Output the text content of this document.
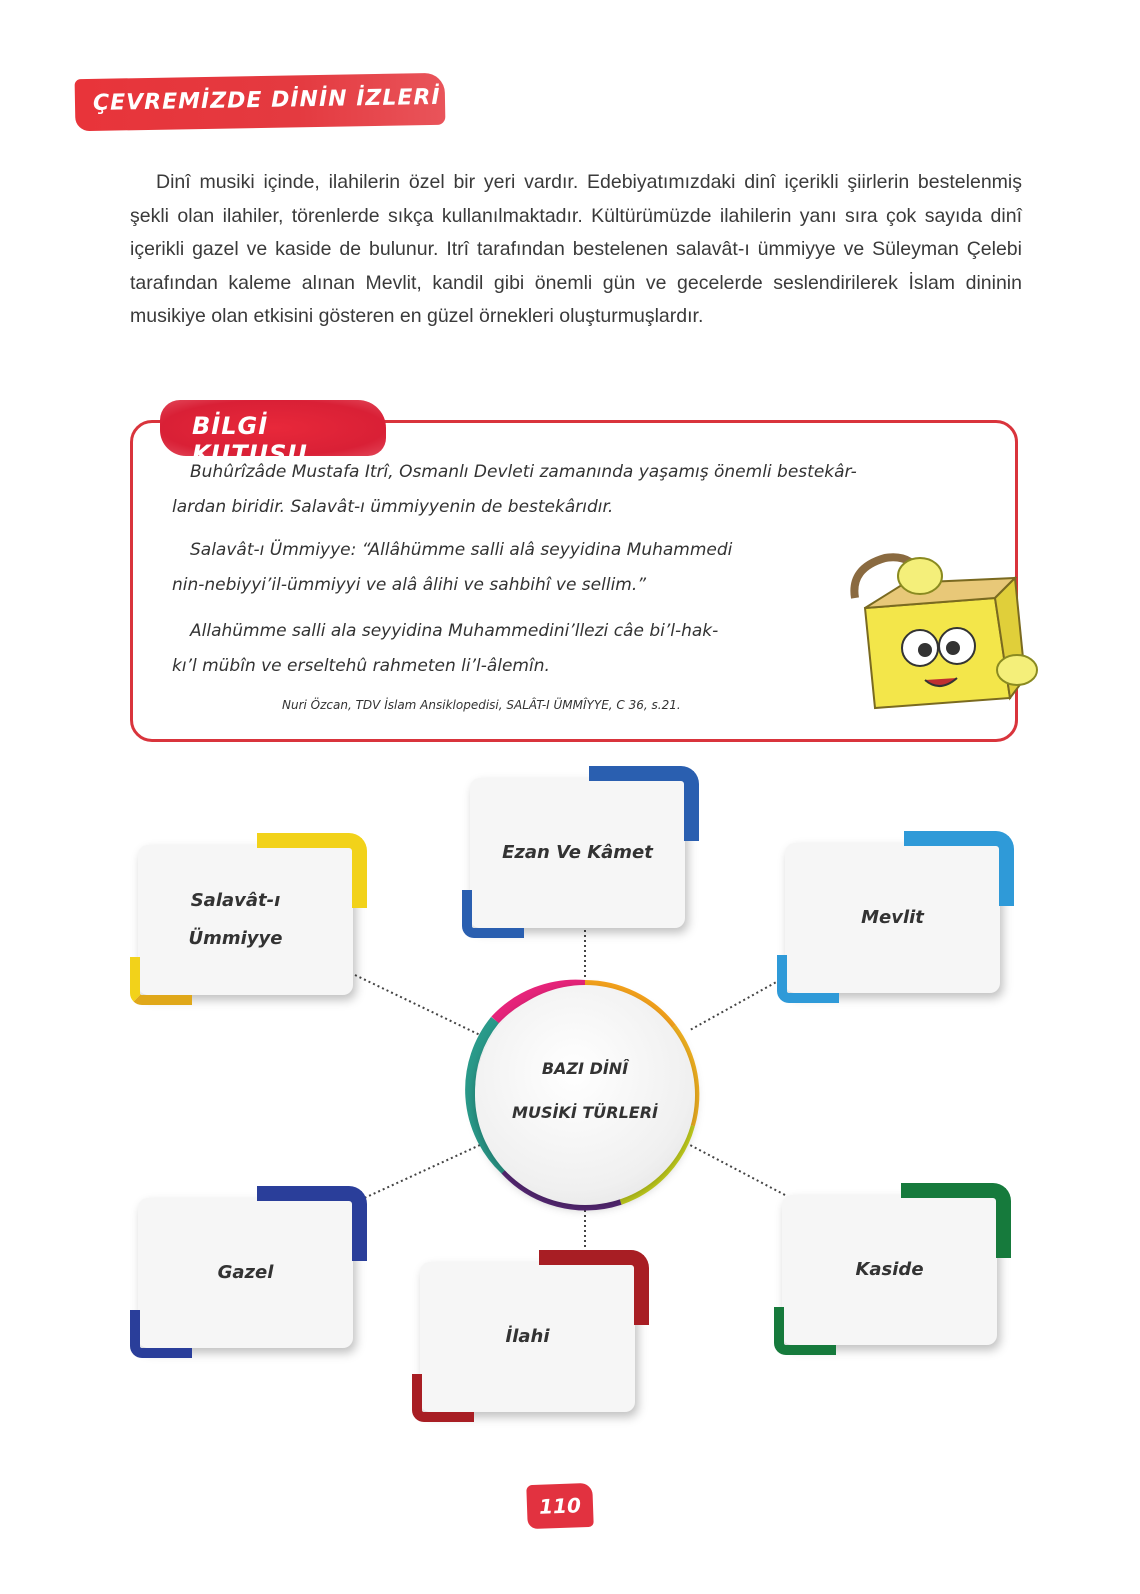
ÇEVREMİZDE DİNİN İZLERİ
Dinî musiki içinde, ilahilerin özel bir yeri vardır. Edebiyatımızdaki dinî içerikli şiirlerin bestelenmiş şekli olan ilahiler, törenlerde sıkça kullanılmaktadır. Kültürümüzde ilahilerin yanı sıra çok sayıda dinî içerikli gazel ve kaside de bulunur. Itrî tarafından bestelenen salavât-ı ümmiyye ve Süleyman Çelebi tarafından kaleme alınan Mevlit, kandil gibi önemli gün ve gecelerde seslendirilerek İslam dininin musikiye olan etkisini gösteren en güzel örnekleri oluşturmuşlardır.
BİLGİ KUTUSU
Buhûrîzâde Mustafa Itrî, Osmanlı Devleti zamanında yaşamış önemli bestekâr-
lardan biridir. Salavât-ı ümmiyyenin de bestekârıdır.
Salavât-ı Ümmiyye: “Allâhümme salli alâ seyyidina Muhammedi
nin-nebiyyi’il-ümmiyyi ve alâ âlihi ve sahbihî ve sellim.”
Allahümme salli ala seyyidina Muhammedini’llezi câe bi’l-hak-
kı’l mübîn ve erseltehû rahmeten li’l-âlemîn.
Nuri Özcan, TDV İslam Ansiklopedisi, SALÂT-I ÜMMÎYYE, C 36, s.21.
BAZI DİNÎ
MUSİKİ TÜRLERİ
Salavât-ı
Ümmiyye
Ezan Ve Kâmet
Mevlit
Gazel
İlahi
Kaside
110
